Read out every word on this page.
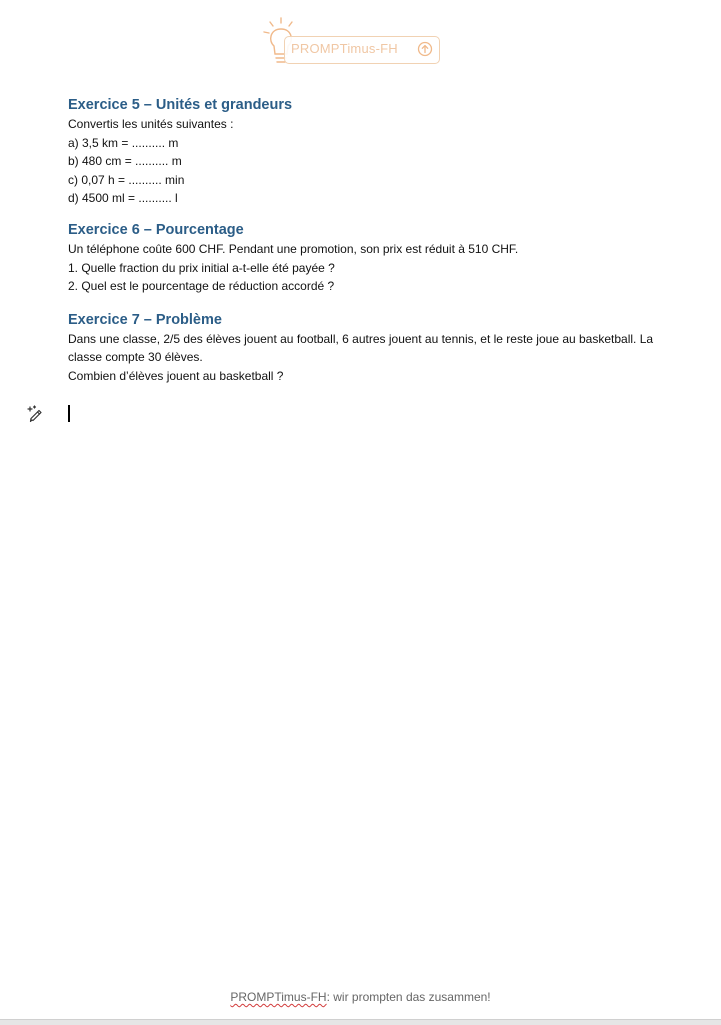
PROMPTimus-FH
Exercice 5 – Unités et grandeurs

Convertis les unités suivantes :

a) 3,5 km = .......... m

b) 480 cm = .......... m

c) 0,07 h = .......... min

d) 4500 ml = .......... l

Exercice 6 – Pourcentage

Un téléphone coûte 600 CHF. Pendant une promotion, son prix est réduit à 510 CHF.

1. Quelle fraction du prix initial a-t-elle été payée ?

2. Quel est le pourcentage de réduction accordé ?

Exercice 7 – Problème

Dans une classe, 2/5 des élèves jouent au football, 6 autres jouent au tennis, et le reste joue au basketball. La classe compte 30 élèves.

Combien d’élèves jouent au basketball ?

PROMPTimus-FH: wir prompten das zusammen!
